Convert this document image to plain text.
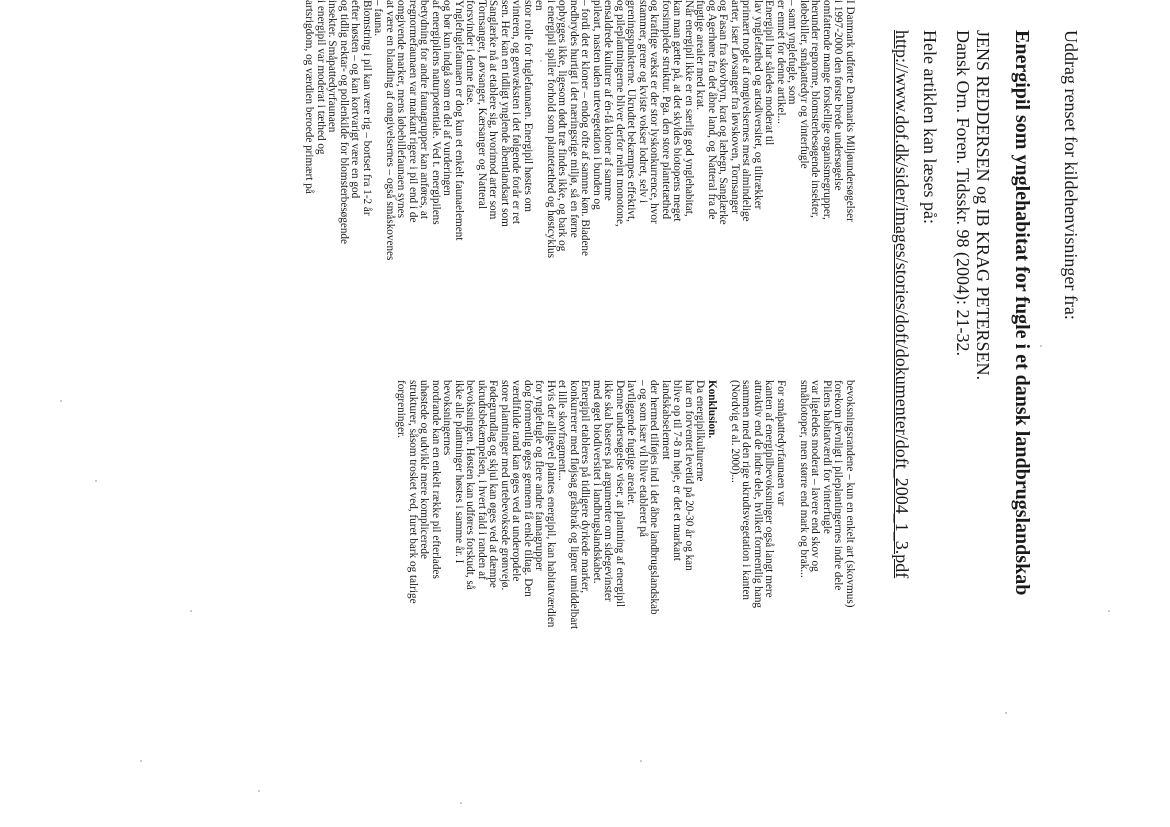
Uddrag renset for kildehenvisninger fra:

Energipil som ynglehabitat for fugle i et dansk landbrugslandskab

JENS REDDERSEN og IB KRAG PETERSEN.

Dansk Orn. Foren. Tidsskr. 98 (2004): 21-32.

Hele artiklen kan læses på:

http://www.dof.dk/sider/images/stories/doft/dokumenter/doft_2004_1_3.pdf

I Danmark udførte Danmarks Miljøundersøgelser

i 1997-2000 den første brede undersøgelse

omfattende mange forskellige organismegrupper,

herunder regnorme, blomsterbesøgende insekter,

løbebiller, småpattedyr og vinterfugle

– samt ynglefugle, som

er emnet for denne artikel...

Energipil har således moderat til

lav ynglefæthed og artsdiversitet, og tiltrækker

primært nogle af omgivelsernes mest almindelige

arter, især Løvsanger fra løvskoven, Tornsanger

og Fasan fra skovbryn, krat og læhegn, Sanglærke

og Agerhøne fra det åbne land, og Natteral fra de

fugtige arealer med krat.

Når energipil ikke er en særlig god ynglehabitat,

kan man gætte på, at det skyldes biotopens meget

forsimplede struktur. Pga. den store plantetæthed

og kraftige vækst er der stor lyskonkurrence, hvor

stammer, grene og kviste vokser lodret, selv i

greningspunkterne. Ukrudtet bekæmpes effektivt,

og pileplantningerne bliver derfor neint monotone,

ensaldrede kulturer af én-få kloner af samme

pileart, nasten uden urtevegetation i bunden og

– fordi det er kloner – endog ofte af samme køn. Bladene

nedbrydes hurtigt i det næringsrige miljø, så en førne

opbygges ikke, ligesom dødt træ findes ikke, og bark og

i energipil spiller forhold som plantetæthed og høstcyklus

en

stor rolle for fuglefaunaen. Energipil høstes om

vinteren, og genvæksten i det følgende forår er ret

sen. Her kan en tidligt ynglende åbentlandsart som

Sanglærke nå at etablere sig, hvorimod arter som

Tornsanger, Løvsanger, Kærsanger og Natteral

forsvinder i denne fase.

Ynglefuglefaunaen er dog kun et enkelt faunaelement

og bør kun indgå som en del af vurderingen

af energipilens naturpotentiale. Ved t. energipilens

betydning for andre faunagrupper kan anføres, at

regnormefaunaen var markant rigere i pil end i de

omgivende marker, mens løbebillefaunaen synes

at være en blanding af omgivelsernes – også småskovenes

– fauna.

Blomstring i pil kan være rig – bortset fra 1-2 år

efter høsten – og kan kortvarigt være en god

og tidlig nektar- og pollenkilde for blomsterbesøgende

insekter. Småpattedyrfaunaen

i energipil var moderat i tæthed og

artsrigdom, og værdien beroede primært på

bevoksningsrandene – kun en enkelt art (skovmus)

forekom jævnligt i pileplantingernes indre dele

Pilens habitatværdi for vinterfugle

var ligeledes moderat – lavere end skov og

småbiotoper, men større end mark og brak...

For småpattedyrfaunaen var

kanten af energipilbevoksninger også langt mere

attraktiv end de indre dele, hvilket formentlig hang

sammen med den rige ukrudtsvegetation i kanten

(Nordvig et al. 2000)...

Konklusion.

Da energipilkulturerne

har en forventet levetid på 20-30 år og kan

blive op til 7-8 m høje, er det et markant

landskabselement

der hermed tilføjes ind i det åbne landbrugslandskab

– og som især vil blive etableret på

lavtliggende fugtige arealer.

Denne undersøgelse viser, at plantning af energipil

ikke skal baseres på argumenter om sidegevinster

med øget biodiversitet i landbrugslandskabet.

Energipil etableres på tidligere dyrkede marker,

konkurrerer med fløjsag gråsbrak og ligner umiddelbart

et lille skovfragment...

Hvis der alligevel plantes energipil, kan habitatværdien

for ynglefugle og flere andre faunagrupper

dog formentlig øges gennem få enkle tiltag. Den

værdifulde rand kan øges ved at underopdele

store plantninger med urtebevoksede grønvejø.

Fødegrundlag og skjul kan øges ved at dæmpe

ukrudtsbekæmpelsen, i hvert fald i randen af

bevoksningen. Høsten kan udføres forskudt, så

ikke alle plantninger høstes i samme år. I

bevoksningernes

nordrande kan en enkelt række pil efterlades

uhøstede og udvikle mere komplicerede

strukturer, såsom trosket ved, furet bark og talrige

forgreninger.
